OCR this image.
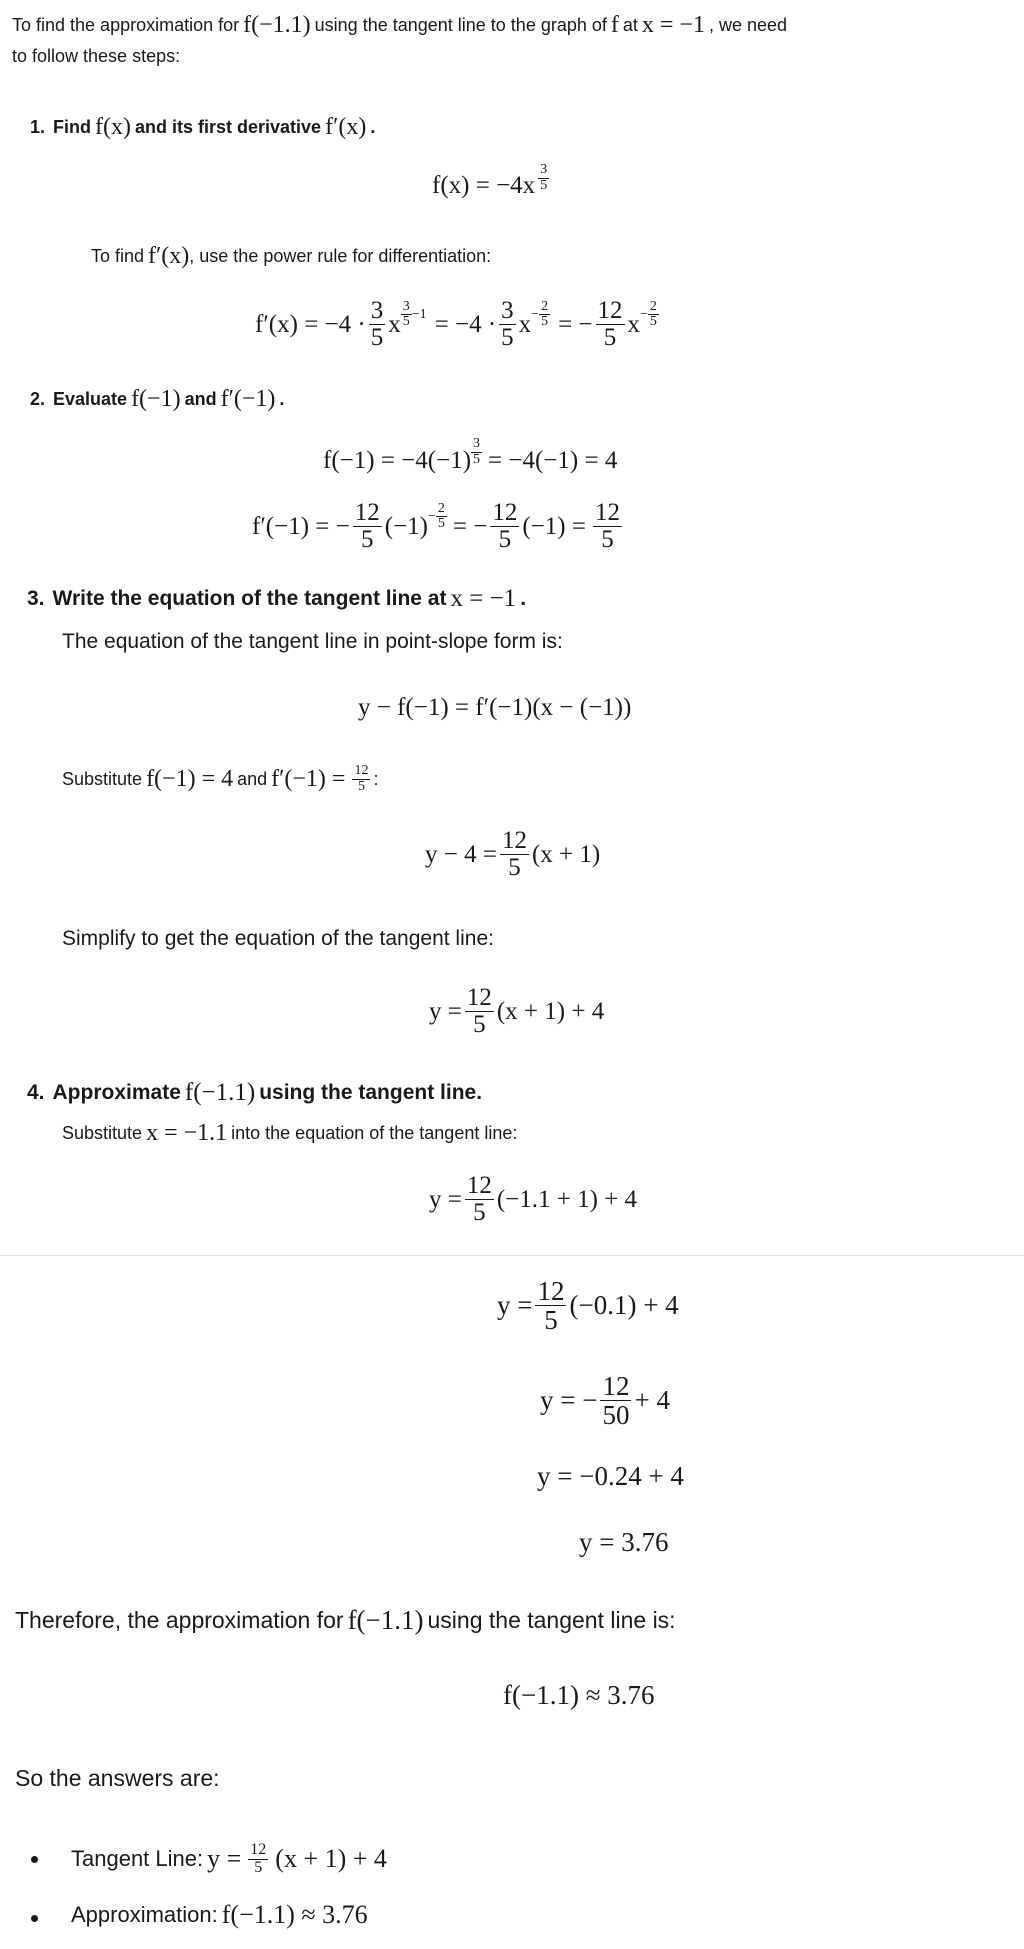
To find the approximation for f(−1.1) using the tangent line to the graph of f at x = −1 , we need
to follow these steps:
1. Find f(x) and its first derivative f′(x) .
f(x) = −4x
3
5
To find f′(x) , use the power rule for differentiation:
f′(x) = −4 ·
3
5 x
3
5 −1 = −4 ·
3
5 $x - \frac{2}{5}$ = − $\frac{12}{5}$ $x - \frac{2}{5}$
2. Evaluate f(−1) and f′(−1) .
$f(-1) = -4(-1) \frac{3}{5} = -4(-1) = 4$
f′(−1) = − $\frac{12}{5} (-1) - \frac{2}{5}$ = − $\frac{12}{5} (-1) = \frac{12}{5}$
3. Write the equation of the tangent line at x = −1 .
The equation of the tangent line in point-slope form is:
y − f(−1) = f′(−1)(x − (−1))
Substitute f(−1) = 4 and $f'(-1) = \frac{12}{5}$ :
$y - 4 = \frac{12}{5} (x + 1)$
Simplify to get the equation of the tangent line:
$y = \frac{12}{5} (x + 1) + 4$
4. Approximate f(−1.1) using the tangent line.
Substitute x = −1.1 into the equation of the tangent line:
$y = \frac{12}{5} (-1.1 + 1) + 4$
$y = \frac{12}{5} (-0.1) + 4$
y = − $\frac{12}{50} + 4$
y = −0.24 + 4
y = 3.76
Therefore, the approximation for f(−1.1) using the tangent line is:
f(−1.1) ≈ 3.76
So the answers are:
Tangent Line: $y = \frac{12}{5} (x + 1) + 4$
Approximation: f(−1.1) ≈ 3.76
